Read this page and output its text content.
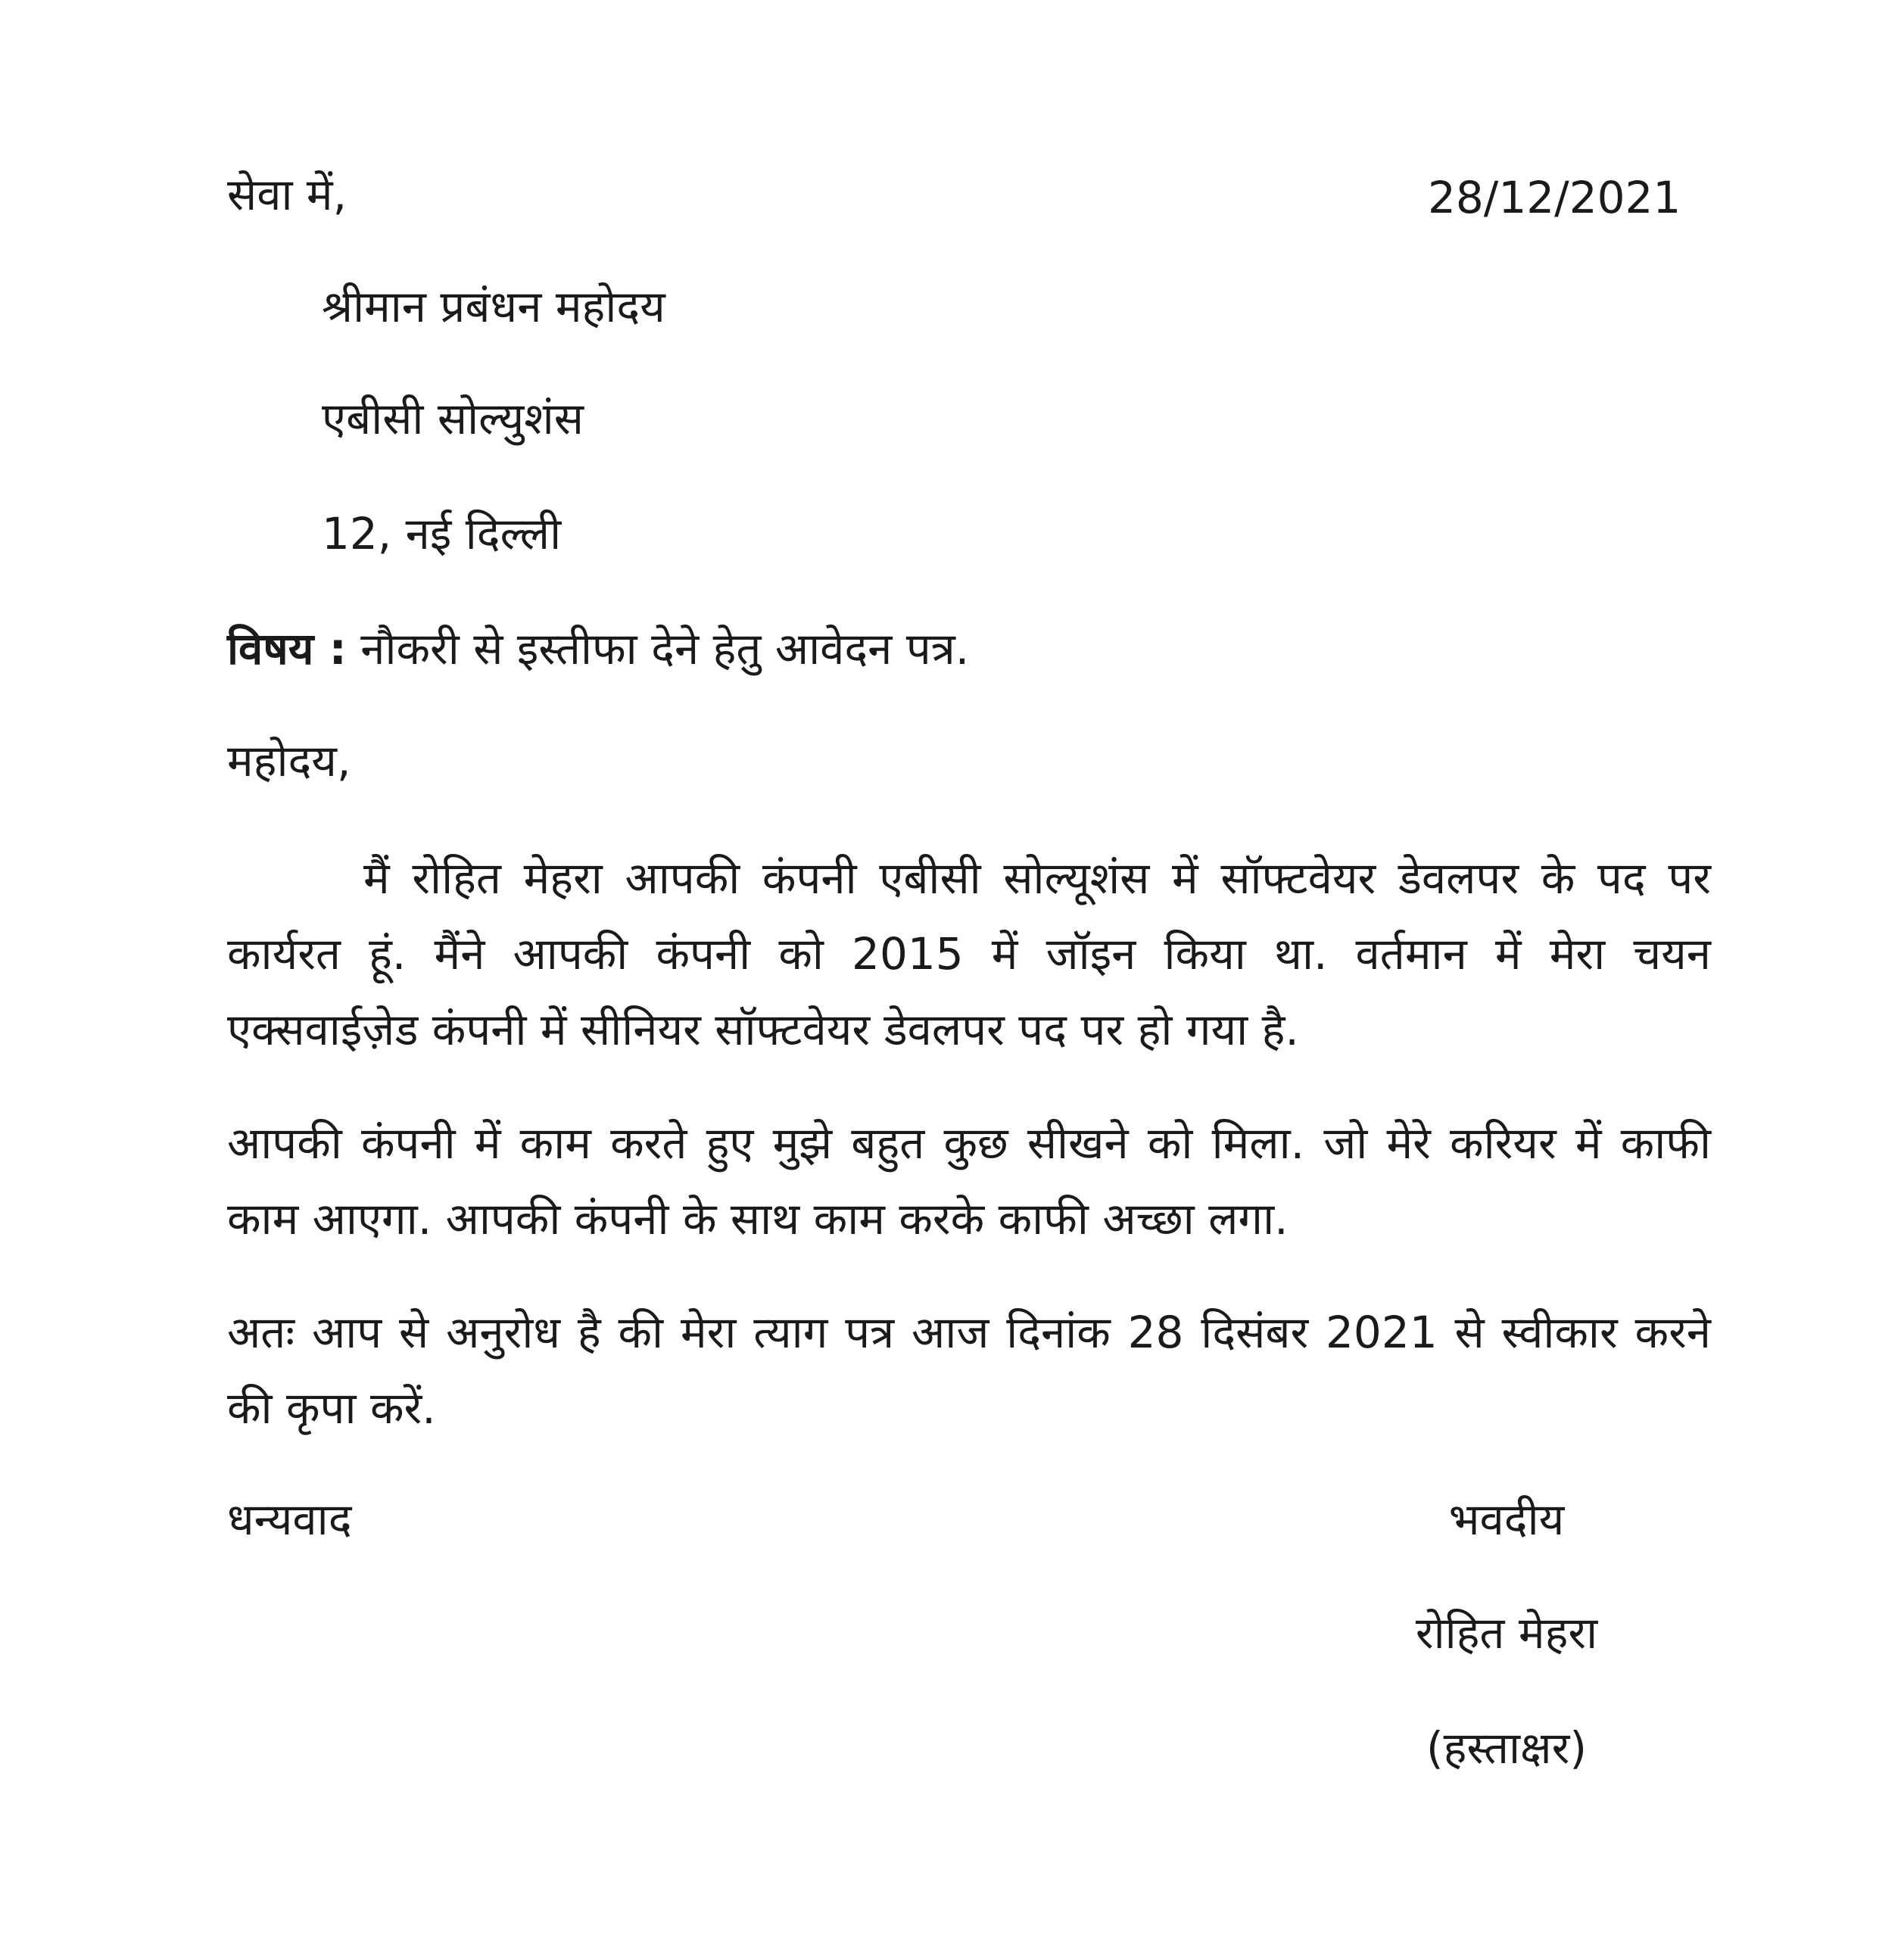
सेवा में,	28/12/2021
श्रीमान प्रबंधन महोदय
एबीसी सोल्युशंस
12, नई दिल्ली
विषय : नौकरी से इस्तीफा देने हेतु आवेदन पत्र.
महोदय,
मैं रोहित मेहरा आपकी कंपनी एबीसी सोल्यूशंस में सॉफ्टवेयर डेवलपर के पद पर कार्यरत हूं. मैंने आपकी कंपनी को 2015 में जॉइन किया था. वर्तमान में मेरा चयन एक्सवाईज़ेड कंपनी में सीनियर सॉफ्टवेयर डेवलपर पद पर हो गया है.
आपकी कंपनी में काम करते हुए मुझे बहुत कुछ सीखने को मिला. जो मेरे करियर में काफी काम आएगा. आपकी कंपनी के साथ काम करके काफी अच्छा लगा.
अतः आप से अनुरोध है की मेरा त्याग पत्र आज दिनांक 28 दिसंबर 2021 से स्वीकार करने की कृपा करें.
धन्यवाद	भवदीय
रोहित मेहरा
(हस्ताक्षर)
